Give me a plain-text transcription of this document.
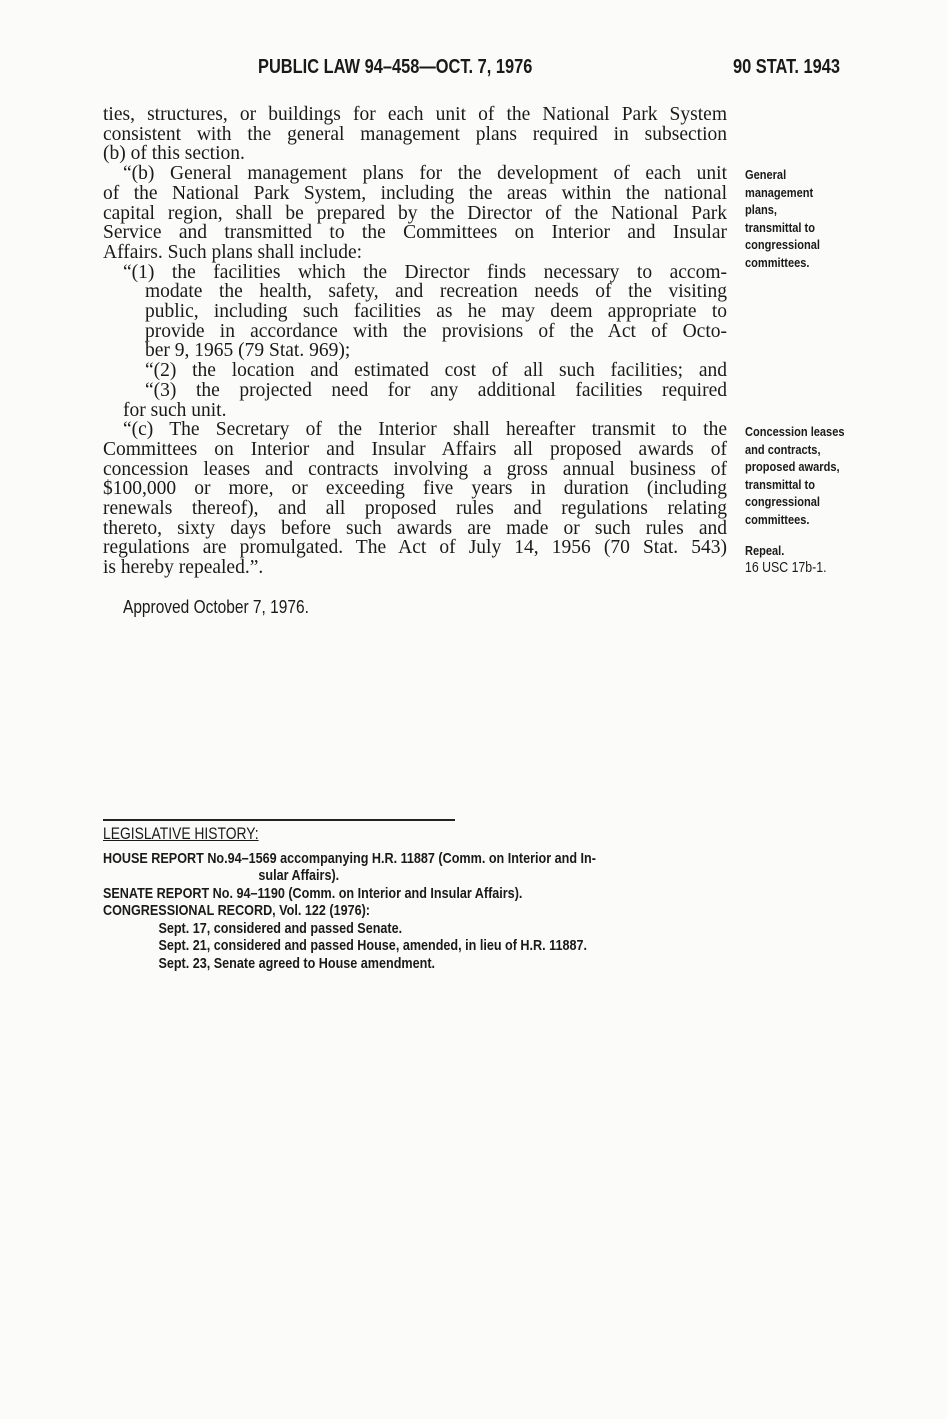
PUBLIC LAW 94–458—OCT. 7, 1976	90 STAT. 1943
ties, structures, or buildings for each unit of the National Park System
consistent with the general management plans required in subsection
(b) of this section.
“(b) General management plans for the development of each unit
of the National Park System, including the areas within the national
capital region, shall be prepared by the Director of the National Park
Service and transmitted to the Committees on Interior and Insular
Affairs. Such plans shall include:
“(1) the facilities which the Director finds necessary to accom-
modate the health, safety, and recreation needs of the visiting
public, including such facilities as he may deem appropriate to
provide in accordance with the provisions of the Act of Octo-
ber 9, 1965 (79 Stat. 969);
“(2) the location and estimated cost of all such facilities; and
“(3) the projected need for any additional facilities required
for such unit.
“(c) The Secretary of the Interior shall hereafter transmit to the
Committees on Interior and Insular Affairs all proposed awards of
concession leases and contracts involving a gross annual business of
$100,000 or more, or exceeding five years in duration (including
renewals thereof), and all proposed rules and regulations relating
thereto, sixty days before such awards are made or such rules and
regulations are promulgated. The Act of July 14, 1956 (70 Stat. 543)
is hereby repealed.”.
General
management
plans,
transmittal to
congressional
committees.
Concession leases
and contracts,
proposed awards,
transmittal to
congressional
committees.
Repeal.
16 USC 17b-1.
Approved October 7, 1976.
LEGISLATIVE HISTORY:
HOUSE REPORT No.94–1569 accompanying H.R. 11887 (Comm. on Interior and In-
sular Affairs).
SENATE REPORT No. 94–1190 (Comm. on Interior and Insular Affairs).
CONGRESSIONAL RECORD, Vol. 122 (1976):
Sept. 17, considered and passed Senate.
Sept. 21, considered and passed House, amended, in lieu of H.R. 11887.
Sept. 23, Senate agreed to House amendment.
